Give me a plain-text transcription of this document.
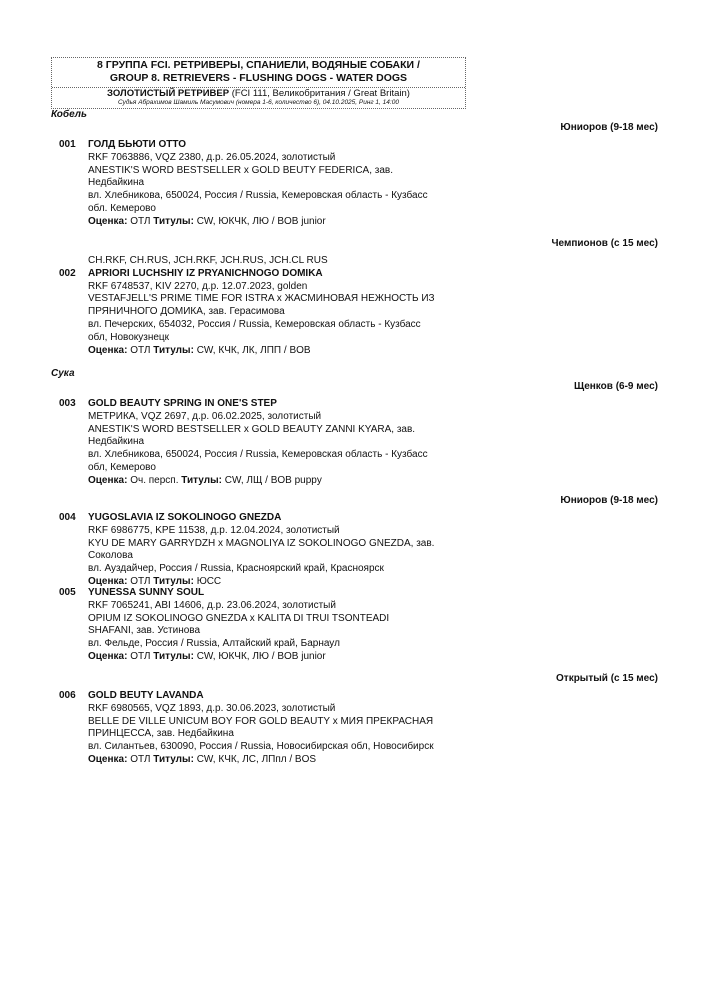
8 ГРУППА FCI. РЕТРИВЕРЫ, СПАНИЕЛИ, ВОДЯНЫЕ СОБАКИ /
GROUP 8. RETRIEVERS - FLUSHING DOGS - WATER DOGS
ЗОЛОТИСТЫЙ РЕТРИВЕР (FCI 111, Великобритания / Great Britain)
Судья Абрахимов Шамиль Масумович (номера 1-6, количество 6), 04.10.2025, Ринг 1, 14:00
Кобель
Юниоров (9-18 мес)
001 ГОЛД БЬЮТИ ОТТО
RKF 7063886, VQZ 2380, д.р. 26.05.2024, золотистый
ANESTIK'S WORD BESTSELLER x GOLD BEUTY FEDERICA, зав.
Недбайкина
вл. Хлебникова, 650024, Россия / Russia, Кемеровская область - Кузбасс
обл. Кемерово
Оценка: ОТЛ Титулы: CW, ЮКЧК, ЛЮ / BOB junior
Чемпионов (с 15 мес)
CH.RKF, CH.RUS, JCH.RKF, JCH.RUS, JCH.CL RUS
APRIORI LUCHSHIY IZ PRYANICHNOGO DOMIKA
RKF 6748537, KIV 2270, д.р. 12.07.2023, golden
VESTAFJELL'S PRIME TIME FOR ISTRA x ЖАСМИНОВАЯ НЕЖНОСТЬ ИЗ
ПРЯНИЧНОГО ДОМИКА, зав. Герасимова
вл. Печерских, 654032, Россия / Russia, Кемеровская область - Кузбасс
обл, Новокузнецк
Оценка: ОТЛ Титулы: CW, КЧК, ЛК, ЛПП / BOB
002
Сука
Щенков (6-9 мес)
003 GOLD BEAUTY SPRING IN ONE'S STEP
МЕТРИКА, VQZ 2697, д.р. 06.02.2025, золотистый
ANESTIK'S WORD BESTSELLER x GOLD BEAUTY ZANNI KYARA, зав.
Недбайкина
вл. Хлебникова, 650024, Россия / Russia, Кемеровская область - Кузбасс
обл, Кемерово
Оценка: Оч. персп. Титулы: CW, ЛЩ / BOB puppy
Юниоров (9-18 мес)
004 YUGOSLAVIA IZ SOKOLINOGO GNEZDA
RKF 6986775, KPE 11538, д.р. 12.04.2024, золотистый
KYU DE MARY GARRYDZH x MAGNOLIYA IZ SOKOLINOGO GNEZDA, зав.
Соколова
вл. Ауздайчер, Россия / Russia, Красноярский край, Красноярск
Оценка: ОТЛ Титулы: ЮСС
005 YUNESSA SUNNY SOUL
RKF 7065241, ABI 14606, д.р. 23.06.2024, золотистый
OPIUM IZ SOKOLINOGO GNEZDA x KALITA DI TRUI TSONTEADI
SHAFANI, зав. Устинова
вл. Фельде, Россия / Russia, Алтайский край, Барнаул
Оценка: ОТЛ Титулы: CW, ЮКЧК, ЛЮ / BOB junior
Открытый (с 15 мес)
006 GOLD BEUTY LAVANDA
RKF 6980565, VQZ 1893, д.р. 30.06.2023, золотистый
BELLE DE VILLE UNICUM BOY FOR GOLD BEAUTY x МИЯ ПРЕКРАСНАЯ
ПРИНЦЕССА, зав. Недбайкина
вл. Силантьев, 630090, Россия / Russia, Новосибирская обл, Новосибирск
Оценка: ОТЛ Титулы: CW, КЧК, ЛС, ЛПпл / BOS
